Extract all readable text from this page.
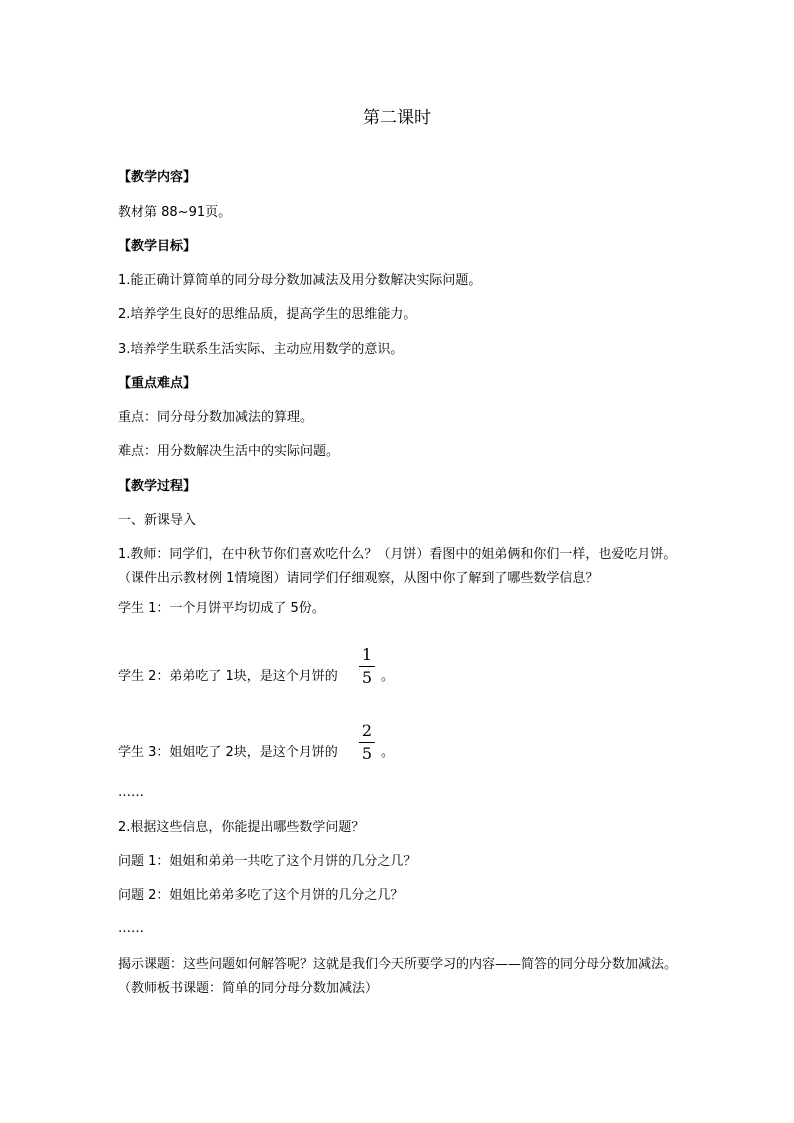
第二课时
【教学内容】
教材第 88~91页。
【教学目标】
1.能正确计算简单的同分母分数加减法及用分数解决实际问题。
2.培养学生良好的思维品质，提高学生的思维能力。
3.培养学生联系生活实际、主动应用数学的意识。
【重点难点】
重点：同分母分数加减法的算理。
难点：用分数解决生活中的实际问题。
【教学过程】
一、新课导入
1.教师：同学们，在中秋节你们喜欢吃什么？（月饼）看图中的姐弟俩和你们一样，也爱吃月饼。（课件出示教材例 1情境图）请同学们仔细观察，从图中你了解到了哪些数学信息？
学生 1：一个月饼平均切成了 5份。
学生 2：弟弟吃了 1块，是这个月饼的
1
5 。
学生 3：姐姐吃了 2块，是这个月饼的
2
5 。
……
2.根据这些信息，你能提出哪些数学问题？
问题 1：姐姐和弟弟一共吃了这个月饼的几分之几？
问题 2：姐姐比弟弟多吃了这个月饼的几分之几？
……
揭示课题：这些问题如何解答呢？这就是我们今天所要学习的内容——简答的同分母分数加减法。（教师板书课题：简单的同分母分数加减法）
